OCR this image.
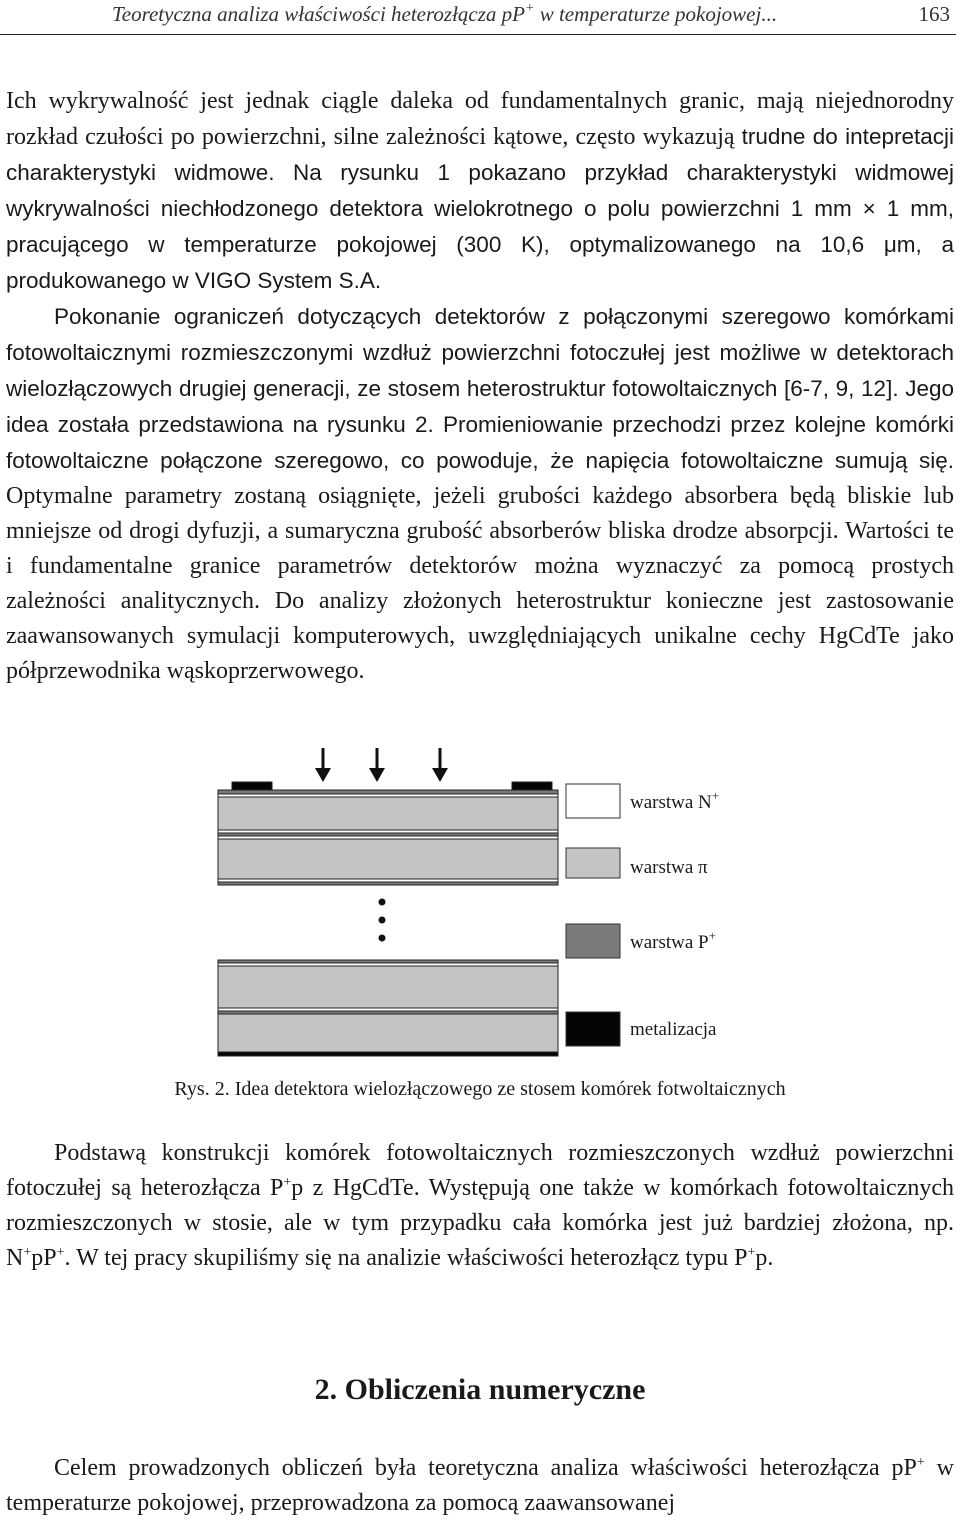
Teoretyczna analiza właściwości heterozłącza pP+ w temperaturze pokojowej...	163

Ich wykrywalność jest jednak ciągle daleka od fundamentalnych granic, mają niejednorodny rozkład czułości po powierzchni, silne zależności kątowe, często wykazują trudne do intepretacji charakterystyki widmowe. Na rysunku 1 pokazano przykład charakterystyki widmowej wykrywalności niechłodzonego detektora wielokrotnego o polu powierzchni 1 mm × 1 mm, pracującego w temperaturze pokojowej (300 K), optymalizowanego na 10,6 μm, a produkowanego w VIGO System S.A.
Pokonanie ograniczeń dotyczących detektorów z połączonymi szeregowo komórkami fotowoltaicznymi rozmieszczonymi wzdłuż powierzchni fotoczułej jest możliwe w detektorach wielozłączowych drugiej generacji, ze stosem heterostruktur fotowoltaicznych [6-7, 9, 12]. Jego idea została przedstawiona na rysunku 2. Promieniowanie przechodzi przez kolejne komórki fotowoltaiczne połączone szeregowo, co powoduje, że napięcia fotowoltaiczne sumują się. Optymalne parametry zostaną osiągnięte, jeżeli grubości każdego absorbera będą bliskie lub mniejsze od drogi dyfuzji, a sumaryczna grubość absorberów bliska drodze absorpcji. Wartości te i fundamentalne granice parametrów detektorów można wyznaczyć za pomocą prostych zależności analitycznych. Do analizy złożonych heterostruktur konieczne jest zastosowanie zaawansowanych symulacji komputerowych, uwzględniających unikalne cechy HgCdTe jako półprzewodnika wąskoprzerwowego.

warstwa N+
warstwa π
warstwa P+
metalizacja
Rys. 2. Idea detektora wielozłączowego ze stosem komórek fotwoltaicznych

Podstawą konstrukcji komórek fotowoltaicznych rozmieszczonych wzdłuż powierzchni fotoczułej są heterozłącza P+p z HgCdTe. Występują one także w komórkach fotowoltaicznych rozmieszczonych w stosie, ale w tym przypadku cała komórka jest już bardziej złożona, np. N+pP+. W tej pracy skupiliśmy się na analizie właściwości heterozłącz typu P+p.

2. Obliczenia numeryczne

Celem prowadzonych obliczeń była teoretyczna analiza właściwości heterozłącza pP+ w temperaturze pokojowej, przeprowadzona za pomocą zaawansowanej
